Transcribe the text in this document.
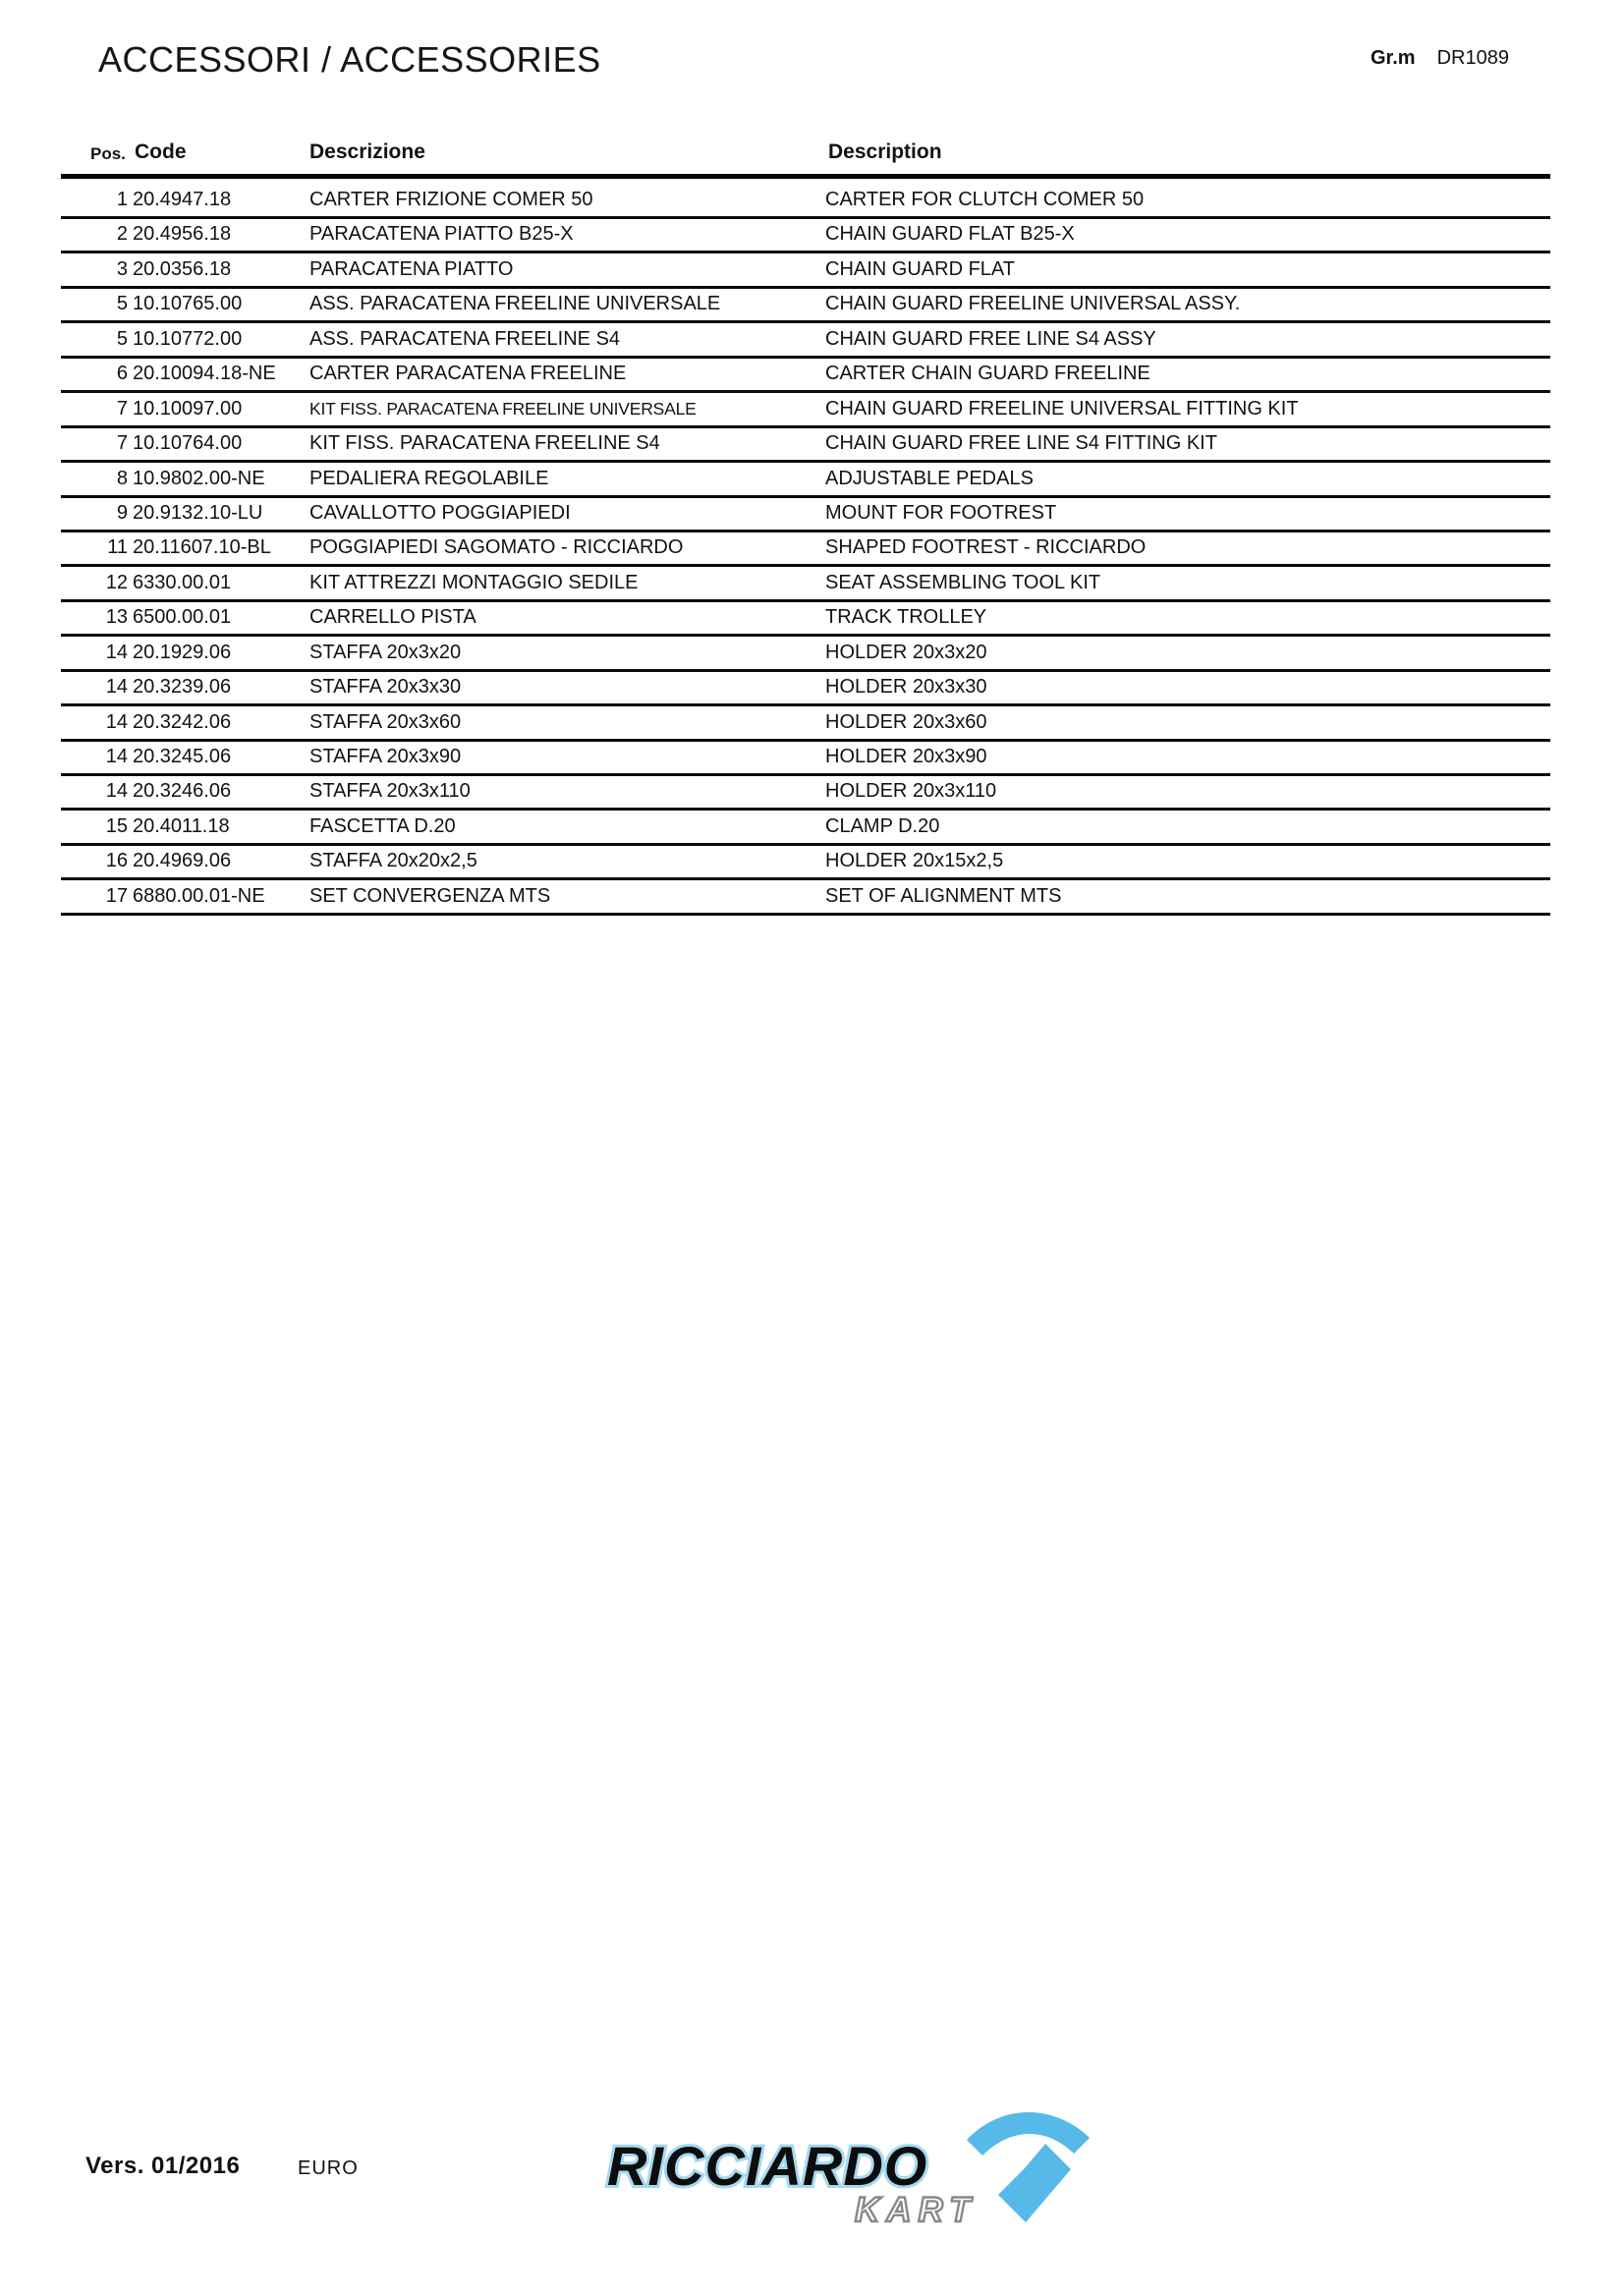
ACCESSORI / ACCESSORIES	Gr.m DR1089
Pos. Code	Descrizione	Description
1 20.4947.18	CARTER FRIZIONE COMER 50	CARTER FOR CLUTCH COMER 50
2 20.4956.18	PARACATENA PIATTO B25-X	CHAIN GUARD FLAT B25-X
3 20.0356.18	PARACATENA PIATTO	CHAIN GUARD FLAT
5 10.10765.00	ASS. PARACATENA FREELINE UNIVERSALE	CHAIN GUARD FREELINE UNIVERSAL ASSY.
5 10.10772.00	ASS. PARACATENA FREELINE S4	CHAIN GUARD FREE LINE S4 ASSY
6 20.10094.18-NE CARTER PARACATENA FREELINE	CARTER CHAIN GUARD FREELINE
7 10.10097.00	KIT FISS. PARACATENA FREELINE UNIVERSALE	CHAIN GUARD FREELINE UNIVERSAL FITTING KIT
7 10.10764.00	KIT FISS. PARACATENA FREELINE S4	CHAIN GUARD FREE LINE S4 FITTING KIT
8 10.9802.00-NE PEDALIERA REGOLABILE	ADJUSTABLE PEDALS
9 20.9132.10-LU CAVALLOTTO POGGIAPIEDI	MOUNT FOR FOOTREST
11 20.11607.10-BL POGGIAPIEDI SAGOMATO - RICCIARDO	SHAPED FOOTREST - RICCIARDO
12 6330.00.01	KIT ATTREZZI MONTAGGIO SEDILE	SEAT ASSEMBLING TOOL KIT
13 6500.00.01	CARRELLO PISTA	TRACK TROLLEY
14 20.1929.06	STAFFA 20x3x20	HOLDER 20x3x20
14 20.3239.06	STAFFA 20x3x30	HOLDER 20x3x30
14 20.3242.06	STAFFA 20x3x60	HOLDER 20x3x60
14 20.3245.06	STAFFA 20x3x90	HOLDER 20x3x90
14 20.3246.06	STAFFA 20x3x110	HOLDER 20x3x110
15 20.4011.18	FASCETTA D.20	CLAMP D.20
16 20.4969.06	STAFFA 20x20x2,5	HOLDER 20x15x2,5
17 6880.00.01-NE SET CONVERGENZA MTS	SET OF ALIGNMENT MTS
Vers. 01/2016	EURO	RICCIARDO
KART
